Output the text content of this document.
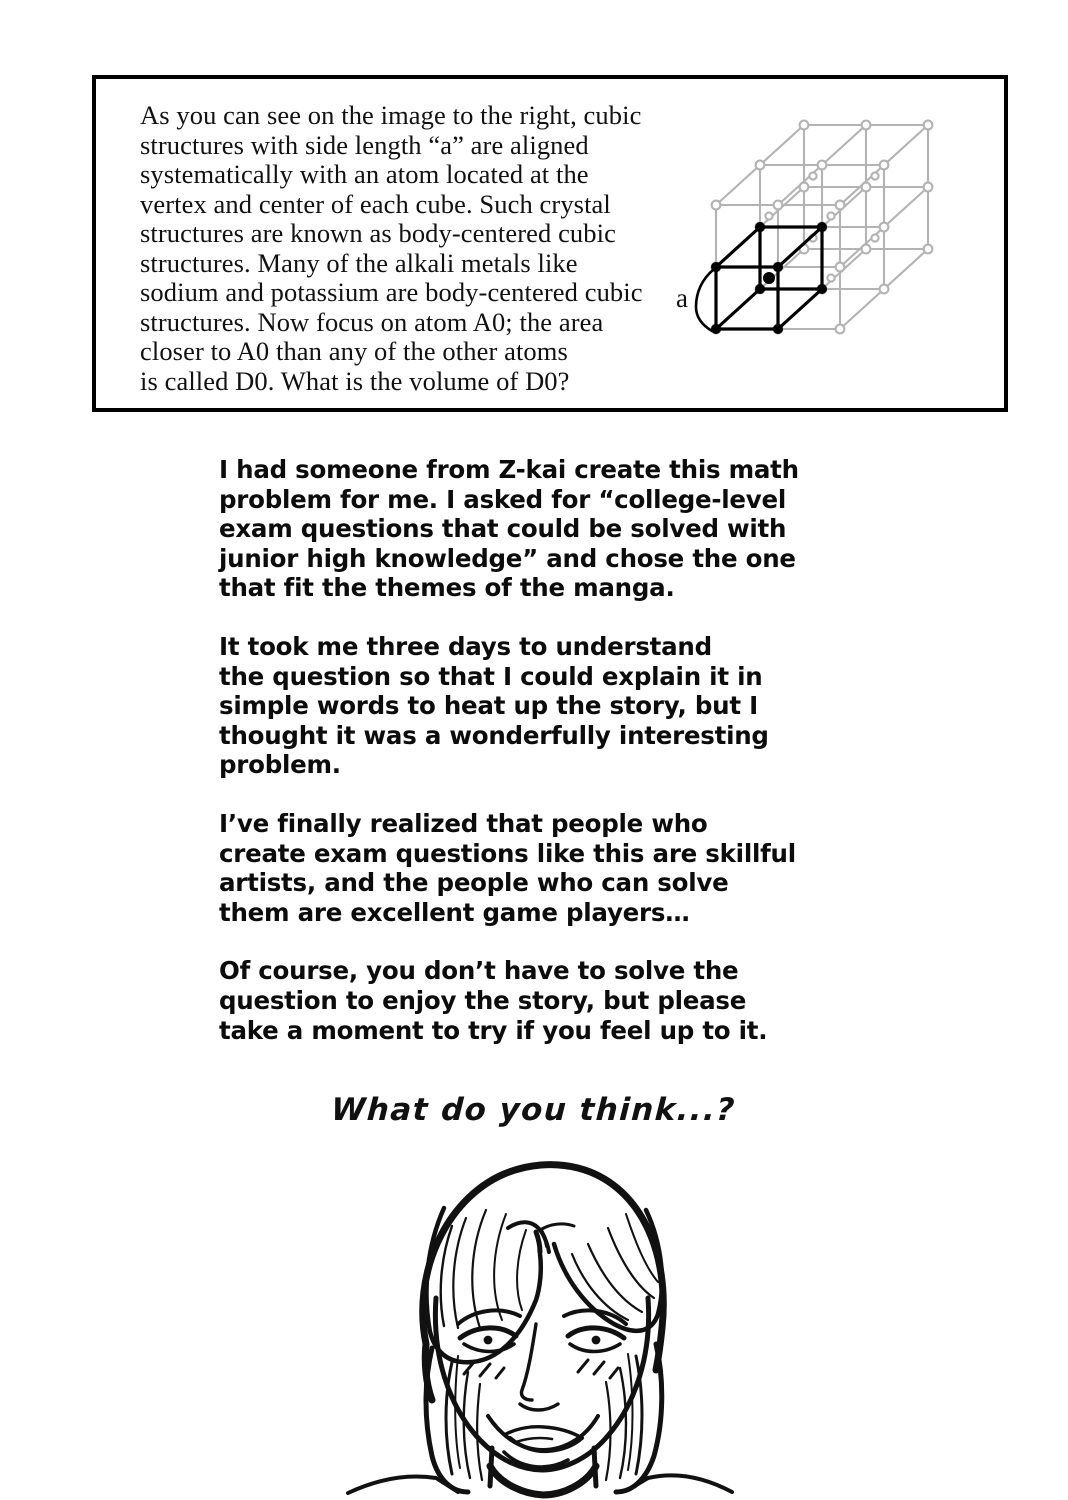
As you can see on the image to the right, cubic
structures with side length “a” are aligned
systematically with an atom located at the
vertex and center of each cube. Such crystal
structures are known as body-centered cubic
structures. Many of the alkali metals like
sodium and potassium are body-centered cubic
structures. Now focus on atom A0; the area
closer to A0 than any of the other atoms
is called D0. What is the volume of D0?
a

I had someone from Z-kai create this math
problem for me. I asked for “college-level
exam questions that could be solved with
junior high knowledge” and chose the one
that fit the themes of the manga.

It took me three days to understand
the question so that I could explain it in
simple words to heat up the story, but I
thought it was a wonderfully interesting
problem.

I’ve finally realized that people who
create exam questions like this are skillful
artists, and the people who can solve
them are excellent game players…

Of course, you don’t have to solve the
question to enjoy the story, but please
take a moment to try if you feel up to it.

What do you think...?
